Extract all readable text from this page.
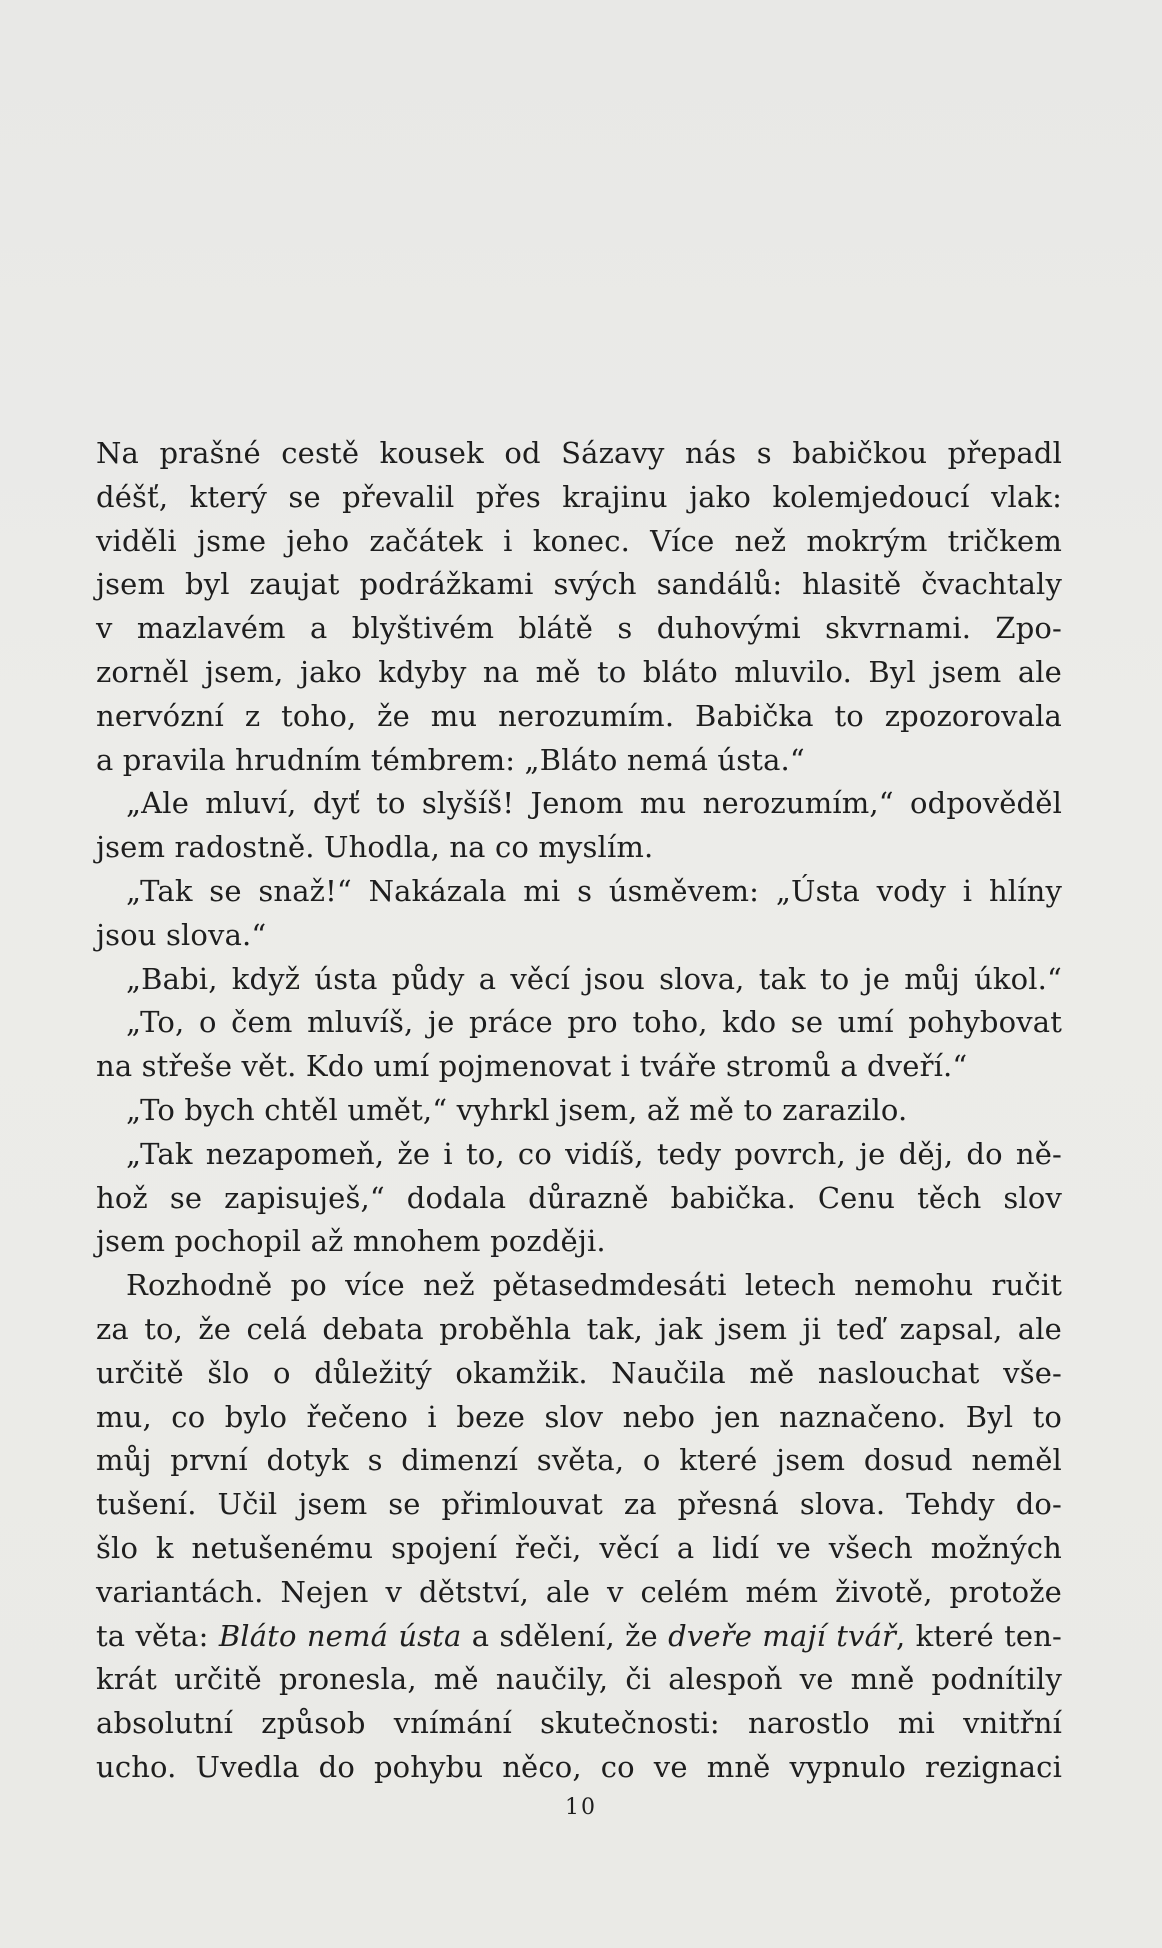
Na prašné cestě kousek od Sázavy nás s babičkou přepadl
déšť, který se převalil přes krajinu jako kolemjedoucí vlak:
viděli jsme jeho začátek i konec. Více než mokrým tričkem
jsem byl zaujat podrážkami svých sandálů: hlasitě čvachtaly
v mazlavém a blyštivém blátě s duhovými skvrnami. Zpo-
zorněl jsem, jako kdyby na mě to bláto mluvilo. Byl jsem ale
nervózní z toho, že mu nerozumím. Babička to zpozorovala
a pravila hrudním témbrem: „Bláto nemá ústa.“
„Ale mluví, dyť to slyšíš! Jenom mu nerozumím,“ odpověděl
jsem radostně. Uhodla, na co myslím.
„Tak se snaž!“ Nakázala mi s úsměvem: „Ústa vody i hlíny
jsou slova.“
„Babi, když ústa půdy a věcí jsou slova, tak to je můj úkol.“
„To, o čem mluvíš, je práce pro toho, kdo se umí pohybovat
na střeše vět. Kdo umí pojmenovat i tváře stromů a dveří.“
„To bych chtěl umět,“ vyhrkl jsem, až mě to zarazilo.
„Tak nezapomeň, že i to, co vidíš, tedy povrch, je děj, do ně-
hož se zapisuješ,“ dodala důrazně babička. Cenu těch slov
jsem pochopil až mnohem později.
Rozhodně po více než pětasedmdesáti letech nemohu ručit
za to, že celá debata proběhla tak, jak jsem ji teď zapsal, ale
určitě šlo o důležitý okamžik. Naučila mě naslouchat vše-
mu, co bylo řečeno i beze slov nebo jen naznačeno. Byl to
můj první dotyk s dimenzí světa, o které jsem dosud neměl
tušení. Učil jsem se přimlouvat za přesná slova. Tehdy do-
šlo k netušenému spojení řeči, věcí a lidí ve všech možných
variantách. Nejen v dětství, ale v celém mém životě, protože
ta věta: Bláto nemá ústa a sdělení, že dveře mají tvář, které ten-
krát určitě pronesla, mě naučily, či alespoň ve mně podnítily
absolutní způsob vnímání skutečnosti: narostlo mi vnitřní
ucho. Uvedla do pohybu něco, co ve mně vypnulo rezignaci
10
